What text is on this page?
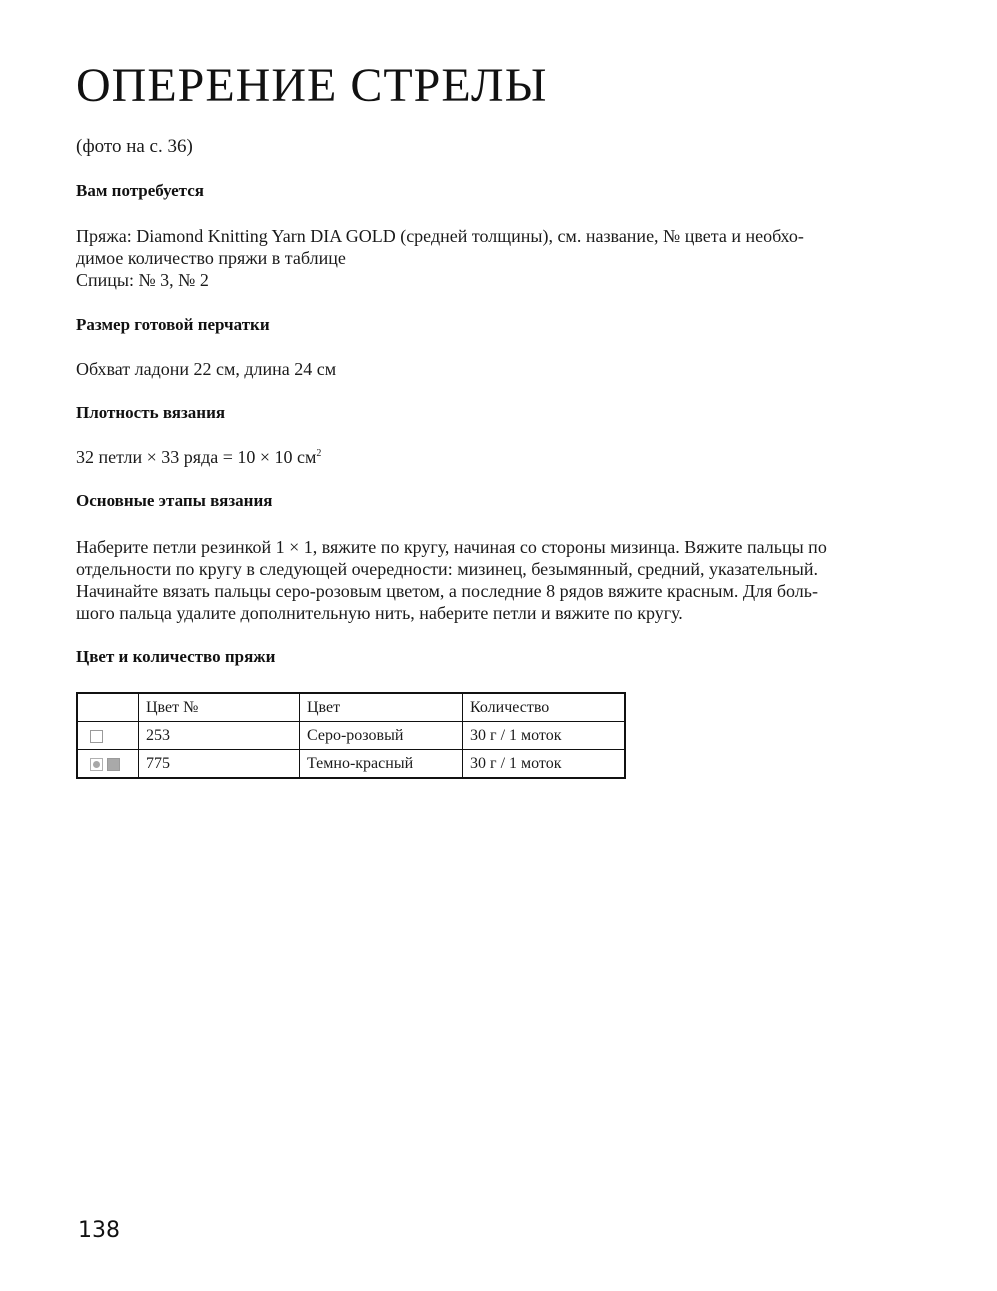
ОПЕРЕНИЕ СТРЕЛЫ
(фото на с. 36)
Вам потребуется

Пряжа: Diamond Knitting Yarn DIA GOLD (средней толщины), см. название, № цвета и необхо-
димое количество пряжи в таблице
Спицы: № 3, № 2

Размер готовой перчатки

Обхват ладони 22 см, длина 24 см

Плотность вязания

32 петли × 33 ряда = 10 × 10 $см^2$

Основные этапы вязания

Наберите петли резинкой 1 × 1, вяжите по кругу, начиная со стороны мизинца. Вяжите пальцы по
отдельности по кругу в следующей очередности: мизинец, безымянный, средний, указательный.
Начинайте вязать пальцы серо-розовым цветом, а последние 8 рядов вяжите красным. Для боль-
шого пальца удалите дополнительную нить, наберите петли и вяжите по кругу.

Цвет и количество пряжи
	Цвет №	Цвет	Количество
	253	Серо-розовый	30 г / 1 моток
	775	Темно-красный	30 г / 1 моток
138
